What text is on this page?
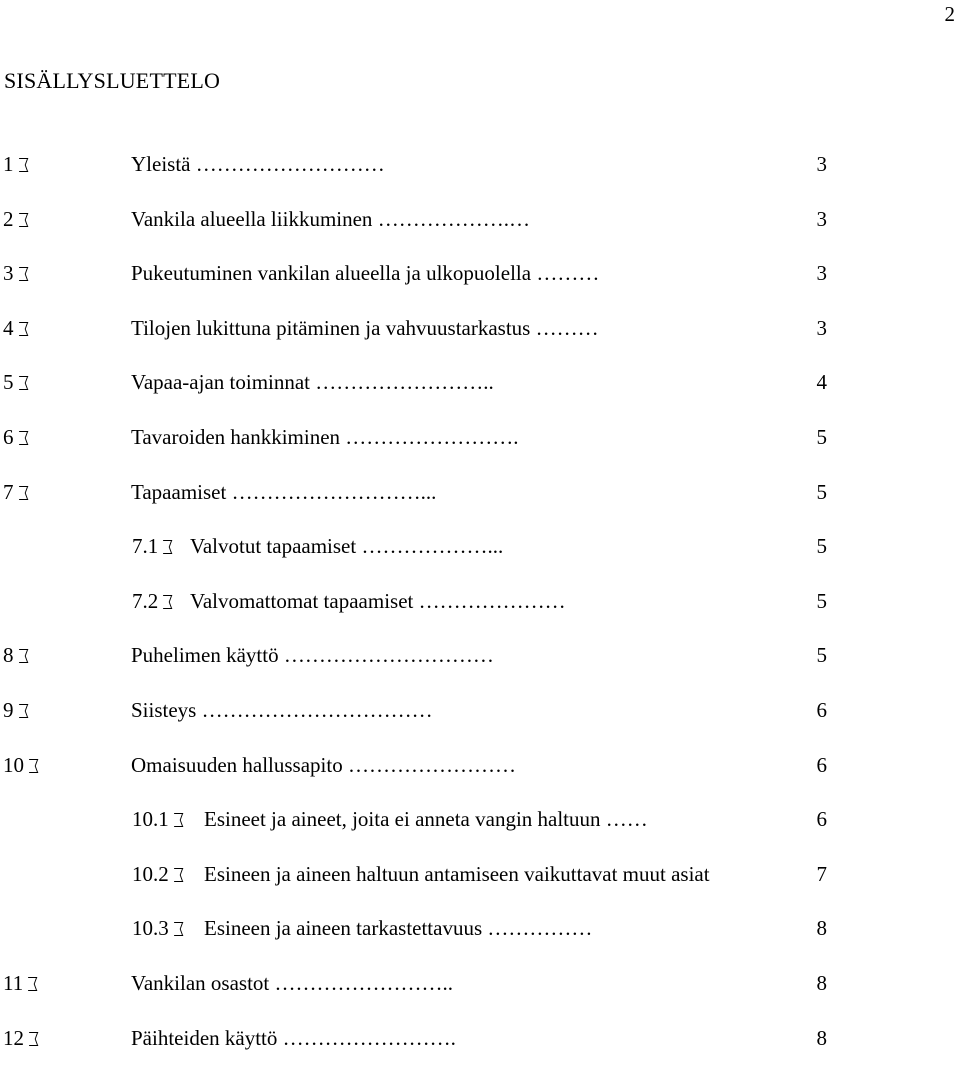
2
SISÄLLYSLUETTELO
1	Yleistä ………………………	3
2	Vankila alueella liikkuminen ……………….…	3
3	Pukeutuminen vankilan alueella ja ulkopuolella ………	3
4	Tilojen lukittuna pitäminen ja vahvuustarkastus ………	3
5	Vapaa-ajan toiminnat ……………………..	4
6	Tavaroiden hankkiminen …………………….	5
7	Tapaamiset ………………………...	5
7.1	Valvotut tapaamiset ………………...	5
7.2	Valvomattomat tapaamiset …………………	5
8	Puhelimen käyttö …………………………	5
9	Siisteys ……………………………	6
10	Omaisuuden hallussapito ……………………	6
10.1	Esineet ja aineet, joita ei anneta vangin haltuun ……	6
10.2	Esineen ja aineen haltuun antamiseen vaikuttavat muut asiat	7
10.3	Esineen ja aineen tarkastettavuus ……………	8
11	Vankilan osastot ……………………..	8
12	Päihteiden käyttö …………………….	8
